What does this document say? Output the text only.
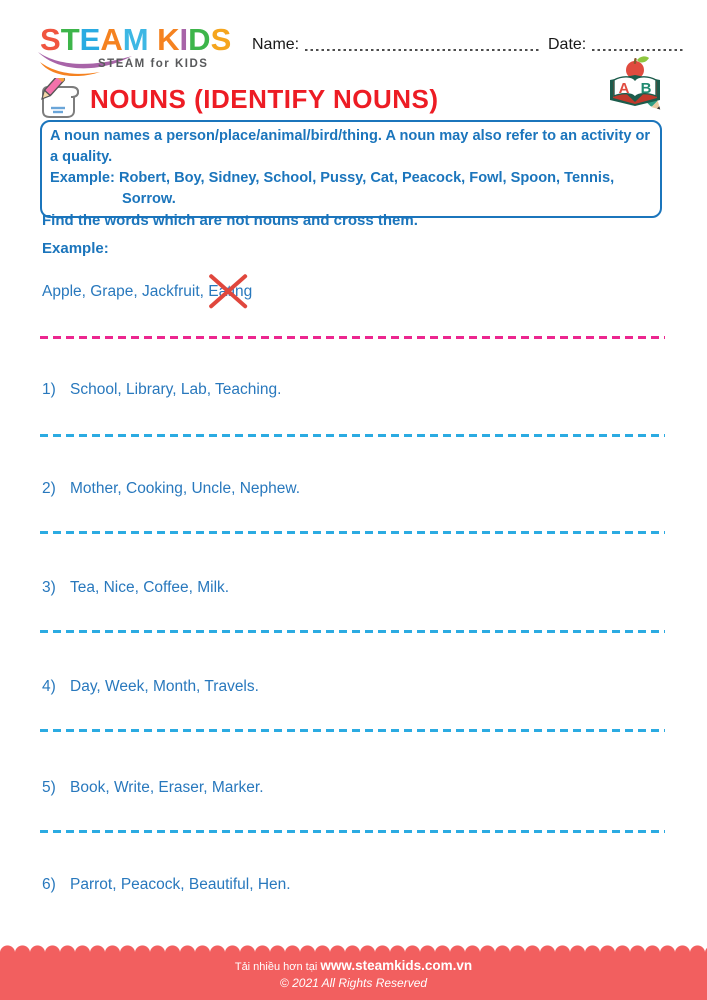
STEAM KIDS
STEAM for KIDS
Name:	Date:
A B
NOUNS (IDENTIFY NOUNS)
A noun names a person/place/animal/bird/thing. A noun may also refer to an activity or a quality.
Example: Robert, Boy, Sidney, School, Pussy, Cat, Peacock, Fowl, Spoon, Tennis,
Sorrow.
Find the words which are not nouns and cross them.
Example:
Apple, Grape, Jackfruit, Eating
1) School, Library, Lab, Teaching.
2) Mother, Cooking, Uncle, Nephew.
3) Tea, Nice, Coffee, Milk.
4) Day, Week, Month, Travels.
5) Book, Write, Eraser, Marker.
6) Parrot, Peacock, Beautiful, Hen.
Tải nhiều hơn tại www.steamkids.com.vn
© 2021 All Rights Reserved
